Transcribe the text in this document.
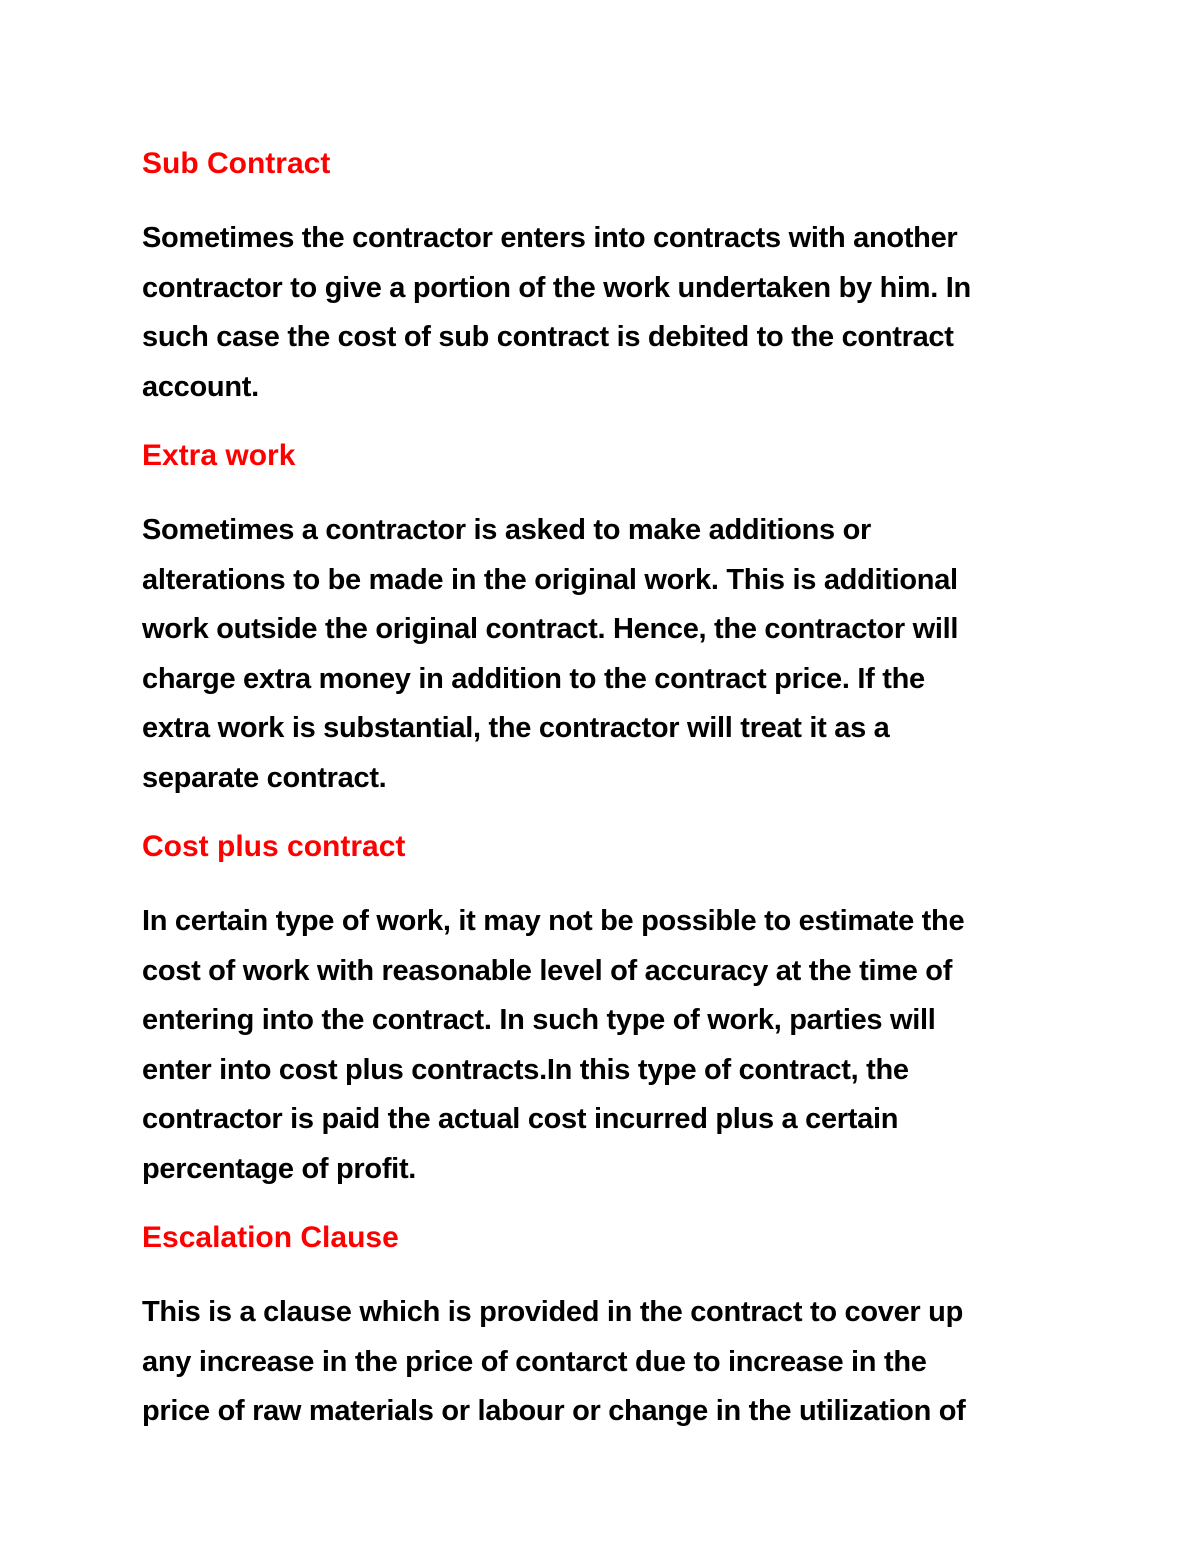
Sub Contract
Sometimes the contractor enters into contracts with another
contractor to give a portion of the work undertaken by him. In
such case the cost of sub contract is debited to the contract
account.
Extra work
Sometimes a contractor is asked to make additions or
alterations to be made in the original work. This is additional
work outside the original contract. Hence, the contractor will
charge extra money in addition to the contract price. If the
extra work is substantial, the contractor will treat it as a
separate contract.
Cost plus contract
In certain type of work, it may not be possible to estimate the
cost of work with reasonable level of accuracy at the time of
entering into the contract. In such type of work, parties will
enter into cost plus contracts.In this type of contract, the
contractor is paid the actual cost incurred plus a certain
percentage of profit.
Escalation Clause
This is a clause which is provided in the contract to cover up
any increase in the price of contarct due to increase in the
price of raw materials or labour or change in the utilization of
